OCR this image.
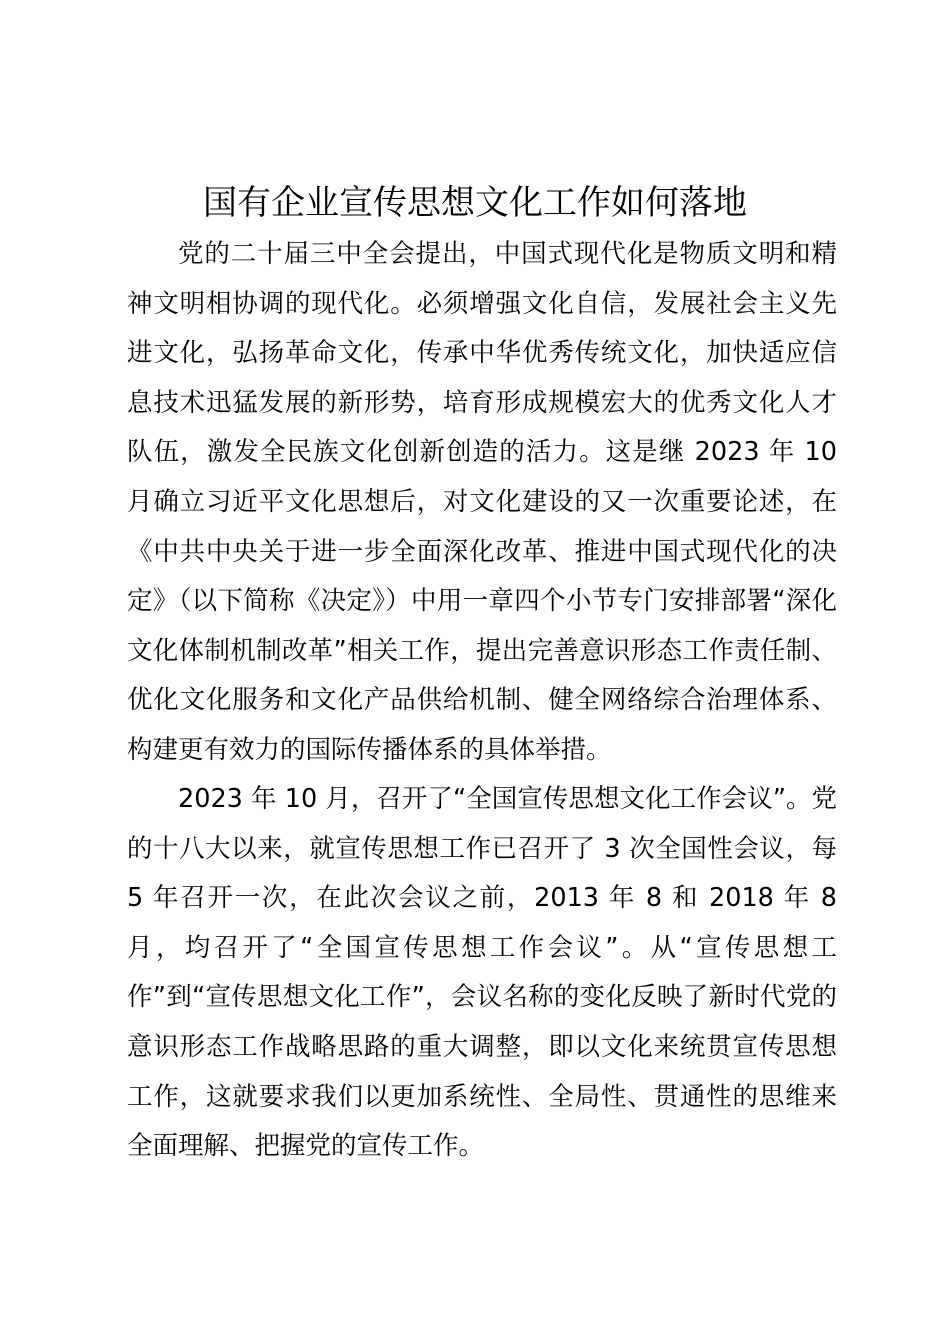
国有企业宣传思想文化工作如何落地

党的二十届三中全会提出，中国式现代化是物质文明和精神文明相协调的现代化。必须增强文化自信，发展社会主义先进文化，弘扬革命文化，传承中华优秀传统文化，加快适应信息技术迅猛发展的新形势，培育形成规模宏大的优秀文化人才队伍，激发全民族文化创新创造的活力。这是继 2023 年 10 月确立习近平文化思想后，对文化建设的又一次重要论述，在《中共中央关于进一步全面深化改革、推进中国式现代化的决定》（以下简称《决定》）中用一章四个小节专门安排部署“深化文化体制机制改革”相关工作，提出完善意识形态工作责任制、优化文化服务和文化产品供给机制、健全网络综合治理体系、构建更有效力的国际传播体系的具体举措。

2023 年 10 月，召开了“全国宣传思想文化工作会议”。党的十八大以来，就宣传思想工作已召开了 3 次全国性会议，每 5 年召开一次，在此次会议之前，2013 年 8 和 2018 年 8 月，均召开了“全国宣传思想工作会议”。从“宣传思想工作”到“宣传思想文化工作”，会议名称的变化反映了新时代党的意识形态工作战略思路的重大调整，即以文化来统贯宣传思想工作，这就要求我们以更加系统性、全局性、贯通性的思维来全面理解、把握党的宣传工作。
